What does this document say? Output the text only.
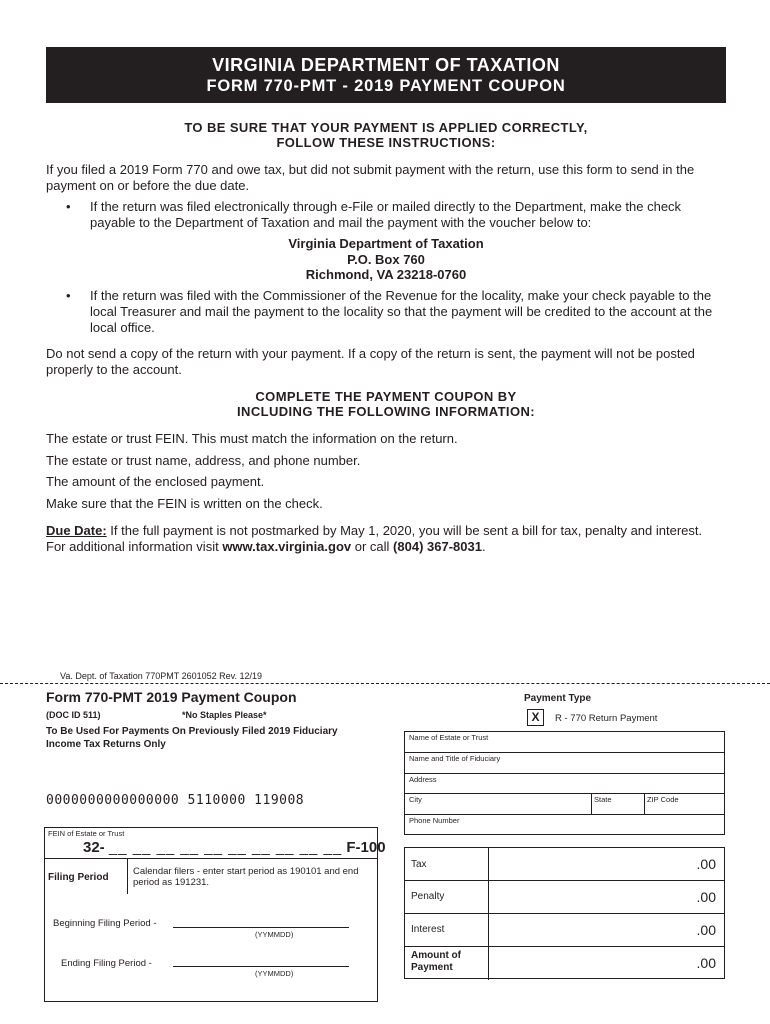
VIRGINIA DEPARTMENT OF TAXATION
FORM 770-PMT - 2019 PAYMENT COUPON
TO BE SURE THAT YOUR PAYMENT IS APPLIED CORRECTLY,
FOLLOW THESE INSTRUCTIONS:
If you filed a 2019 Form 770 and owe tax, but did not submit payment with the return, use this form to send in the payment on or before the due date.
• If the return was filed electronically through e-File or mailed directly to the Department, make the check payable to the Department of Taxation and mail the payment with the voucher below to:
Virginia Department of Taxation
P.O. Box 760
Richmond, VA 23218-0760
• If the return was filed with the Commissioner of the Revenue for the locality, make your check payable to the local Treasurer and mail the payment to the locality so that the payment will be credited to the account at the local office.
Do not send a copy of the return with your payment. If a copy of the return is sent, the payment will not be posted properly to the account.
COMPLETE THE PAYMENT COUPON BY
INCLUDING THE FOLLOWING INFORMATION:
The estate or trust FEIN. This must match the information on the return.
The estate or trust name, address, and phone number.
The amount of the enclosed payment.
Make sure that the FEIN is written on the check.
Due Date: If the full payment is not postmarked by May 1, 2020, you will be sent a bill for tax, penalty and interest.
For additional information visit www.tax.virginia.gov or call (804) 367-8031.
Va. Dept. of Taxation 770PMT 2601052 Rev. 12/19
Form 770-PMT 2019 Payment Coupon
(DOC ID 511)	*No Staples Please*
To Be Used For Payments On Previously Filed 2019 Fiduciary Income Tax Returns Only
0000000000000000 5110000 119008
FEIN of Estate or Trust
32- __ __ __ __ __ __ __ __ __ __ F-100
Filing Period
Calendar filers - enter start period as 190101 and end period as 191231.
Beginning Filing Period -
(YYMMDD)
Ending Filing Period -
(YYMMDD)
Payment Type
X	R - 770 Return Payment
Name of Estate or Trust
Name and Title of Fiduciary
Address
City	State	ZIP Code
Phone Number
Tax	.00
Penalty	.00
Interest	.00
Amount of Payment	.00
